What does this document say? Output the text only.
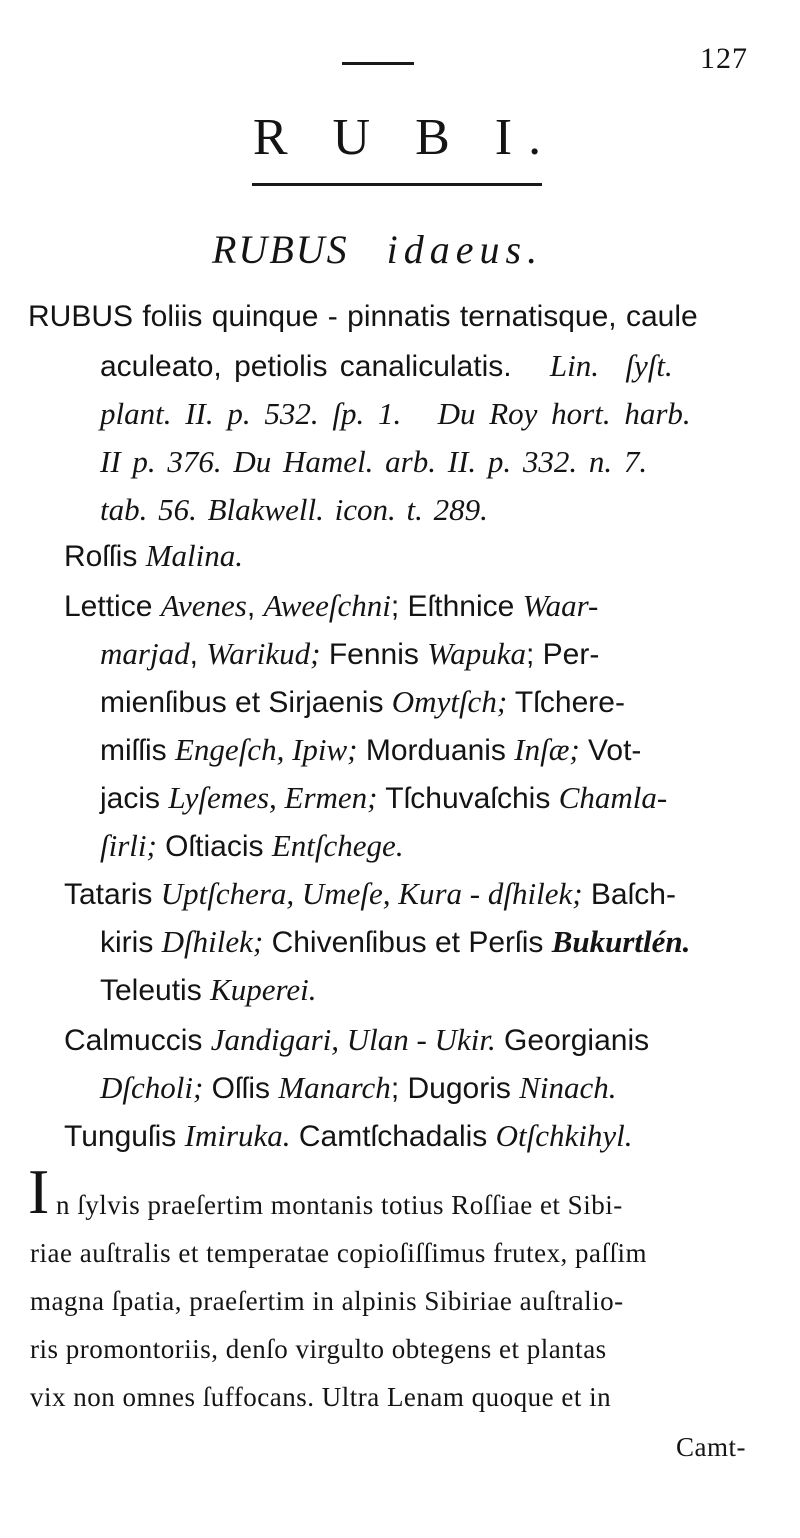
127
R U B I.
RUBUS idaeus.
RUBUS foliis quinque - pinnatis ternatisque, caule
aculeato, petiolis canaliculatis. Lin. ſyſt.
plant. II. p. 532. ſp. 1. Du Roy hort. harb.
II p. 376. Du Hamel. arb. II. p. 332. n. 7.
tab. 56. Blakwell. icon. t. 289.
Roſſis Malina.
Lettice Avenes, Aweeſchni; Eſthnice Waar-
marjad, Warikud; Fennis Wapuka; Per-
mienſibus et Sirjaenis Omytſch; Tſchere-
miſſis Engeſch, Ipiw; Morduanis Inſæ; Vot-
jacis Lyſemes, Ermen; Tſchuvaſchis Chamla-
ſirli; Oſtiacis Entſchege.
Tataris Uptſchera, Umeſe, Kura - dſhilek; Baſch-
kiris Dſhilek; Chivenſibus et Perſis Bukurtlén.
Teleutis Kuperei.
Calmuccis Jandigari, Ulan - Ukir. Georgianis
Dſcholi; Oſſis Manarch; Dugoris Ninach.
Tunguſis Imiruka. Camtſchadalis Otſchkihyl.
I n ſylvis praeſertim montanis totius Roſſiae et Sibi-
riae auſtralis et temperatae copioſiſſimus frutex, paſſim
magna ſpatia, praeſertim in alpinis Sibiriae auſtralio-
ris promontoriis, denſo virgulto obtegens et plantas
vix non omnes ſuffocans. Ultra Lenam quoque et in
Camt-
